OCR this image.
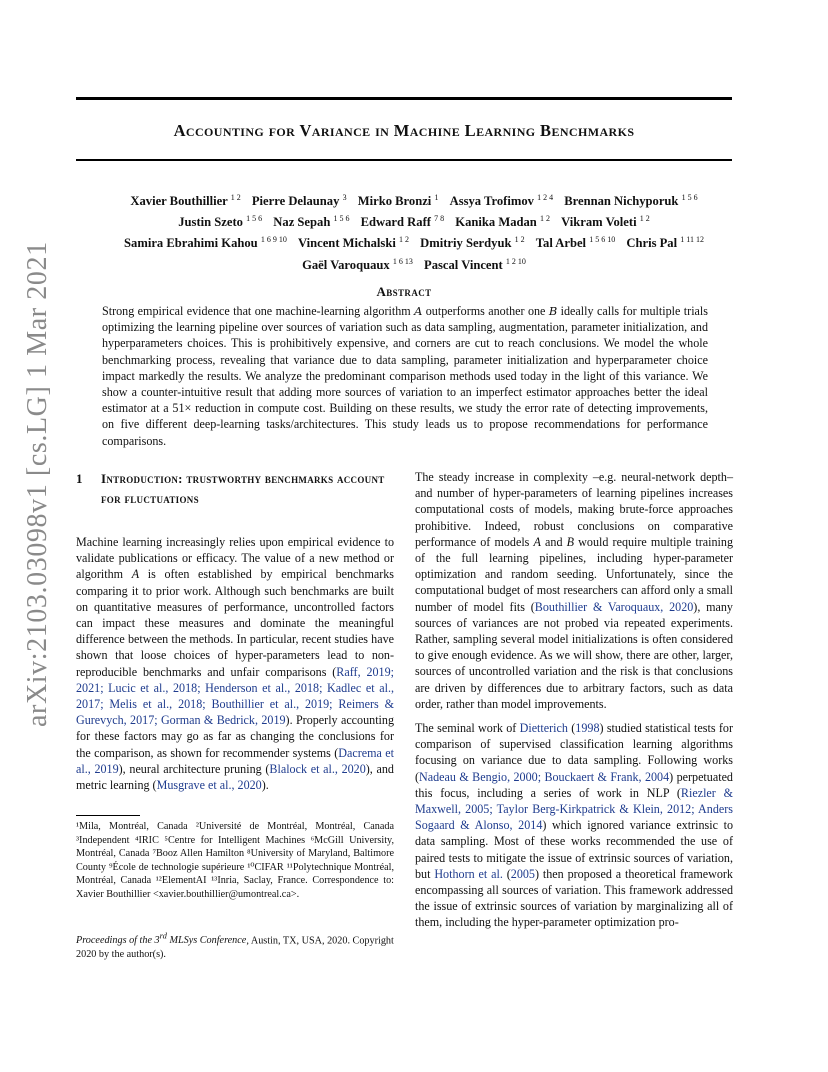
Accounting for Variance in Machine Learning Benchmarks
Xavier Bouthillier $^{1 2}$ Pierre Delaunay $^3$ Mirko Bronzi $^1$ Assya Trofimov $^{1 2 4}$ Brennan Nichyporuk $^{1 5 6}$
Justin Szeto $^{1 5 6}$ Naz Sepah $^{1 5 6}$ Edward Raff $^{7 8}$ Kanika Madan $^{1 2}$ Vikram Voleti $^{1 2}$
Samira Ebrahimi Kahou $^{1 6 9 10}$ Vincent Michalski $^{1 2}$ Dmitriy Serdyuk $^{1 2}$ Tal Arbel $^{1 5 6 10}$ Chris Pal $^{1 11 12}$
Gaël Varoquaux $^{1 6 13}$ Pascal Vincent $^{1 2 10}$
Abstract
Strong empirical evidence that one machine-learning algorithm A outperforms another one B ideally calls for multiple trials optimizing the learning pipeline over sources of variation such as data sampling, augmentation, parameter initialization, and hyperparameters choices. This is prohibitively expensive, and corners are cut to reach conclusions. We model the whole benchmarking process, revealing that variance due to data sampling, parameter initialization and hyperparameter choice impact markedly the results. We analyze the predominant comparison methods used today in the light of this variance. We show a counter-intuitive result that adding more sources of variation to an imperfect estimator approaches better the ideal estimator at a 51× reduction in compute cost. Building on these results, we study the error rate of detecting improvements, on five different deep-learning tasks/architectures. This study leads us to propose recommendations for performance comparisons.
arXiv:2103.03098v1 [cs.LG] 1 Mar 2021 1 Introduction: trustworthy benchmarks account for fluctuations

Machine learning increasingly relies upon empirical evidence to validate publications or efficacy. The value of a new method or algorithm A is often established by empirical benchmarks comparing it to prior work. Although such benchmarks are built on quantitative measures of performance, uncontrolled factors can impact these measures and dominate the meaningful difference between the methods. In particular, recent studies have shown that loose choices of hyper-parameters lead to non-reproducible benchmarks and unfair comparisons (Raff, 2019; 2021; Lucic et al., 2018; Henderson et al., 2018; Kadlec et al., 2017; Melis et al., 2018; Bouthillier et al., 2019; Reimers & Gurevych, 2017; Gorman & Bedrick, 2019). Properly accounting for these factors may go as far as changing the conclusions for the comparison, as shown for recommender systems (Dacrema et al., 2019), neural architecture pruning (Blalock et al., 2020), and metric learning (Musgrave et al., 2020).

¹Mila, Montréal, Canada ²Université de Montréal, Montréal, Canada ³Independent ⁴IRIC ⁵Centre for Intelligent Machines ⁶McGill University, Montréal, Canada ⁷Booz Allen Hamilton ⁸University of Maryland, Baltimore County ⁹École de technologie supérieure ¹⁰CIFAR ¹¹Polytechnique Montréal, Montréal, Canada ¹²ElementAI ¹³Inria, Saclay, France. Correspondence to: Xavier Bouthillier <xavier.bouthillier@umontreal.ca>.
Proceedings of the 3rd MLSys Conference, Austin, TX, USA, 2020. Copyright 2020 by the author(s).

The steady increase in complexity –e.g. neural-network depth– and number of hyper-parameters of learning pipelines increases computational costs of models, making brute-force approaches prohibitive. Indeed, robust conclusions on comparative performance of models A and B would require multiple training of the full learning pipelines, including hyper-parameter optimization and random seeding. Unfortunately, since the computational budget of most researchers can afford only a small number of model fits (Bouthillier & Varoquaux, 2020), many sources of variances are not probed via repeated experiments. Rather, sampling several model initializations is often considered to give enough evidence. As we will show, there are other, larger, sources of uncontrolled variation and the risk is that conclusions are driven by differences due to arbitrary factors, such as data order, rather than model improvements.

The seminal work of Dietterich (1998) studied statistical tests for comparison of supervised classification learning algorithms focusing on variance due to data sampling. Following works (Nadeau & Bengio, 2000; Bouckaert & Frank, 2004) perpetuated this focus, including a series of work in NLP (Riezler & Maxwell, 2005; Taylor Berg-Kirkpatrick & Klein, 2012; Anders Sogaard & Alonso, 2014) which ignored variance extrinsic to data sampling. Most of these works recommended the use of paired tests to mitigate the issue of extrinsic sources of variation, but Hothorn et al. (2005) then proposed a theoretical framework encompassing all sources of variation. This framework addressed the issue of extrinsic sources of variation by marginalizing all of them, including the hyper-parameter optimization pro-
